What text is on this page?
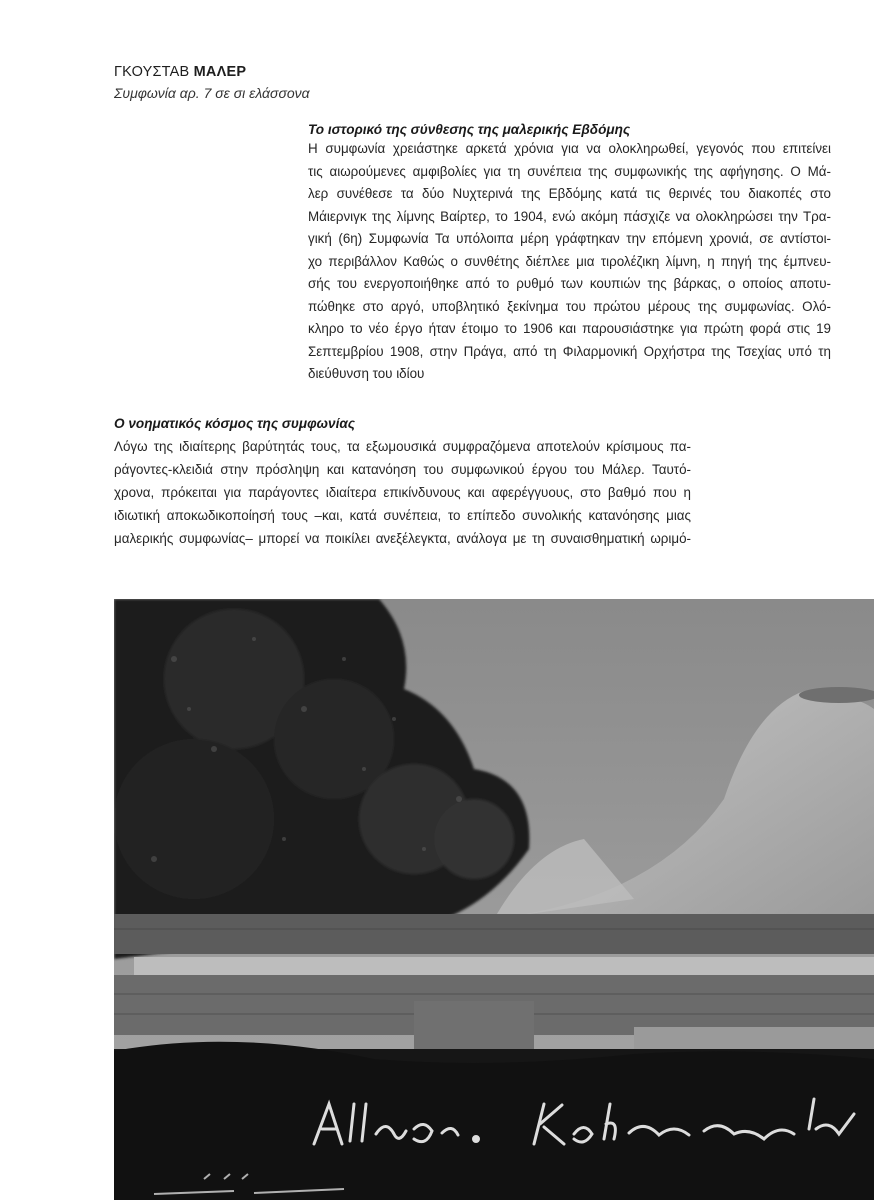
ΓΚΟΥΣΤΑΒ ΜΑΛΕΡ
Συμφωνία αρ. 7 σε σι ελάσσονα
Το ιστορικό της σύνθεσης της μαλερικής Εβδόμης
Η συμφωνία χρειάστηκε αρκετά χρόνια για να ολοκληρωθεί, γεγονός που επιτείνει
τις αιωρούμενες αμφιβολίες για τη συνέπεια της συμφωνικής της αφήγησης. Ο Μά-
λερ συνέθεσε τα δύο Νυχτερινά της Εβδόμης κατά τις θερινές του διακοπές στο
Μάιερνιγκ της λίμνης Βαίρτερ, το 1904, ενώ ακόμη πάσχιζε να ολοκληρώσει την Τρα-
γική (6η) Συμφωνία Τα υπόλοιπα μέρη γράφτηκαν την επόμενη χρονιά, σε αντίστοι-
χο περιβάλλον Καθώς ο συνθέτης διέπλεε μια τιρολέζικη λίμνη, η πηγή της έμπνευ-
σής του ενεργοποιήθηκε από το ρυθμό των κουπιών της βάρκας, ο οποίος αποτυ-
πώθηκε στο αργό, υποβλητικό ξεκίνημα του πρώτου μέρους της συμφωνίας. Ολό-
κληρο το νέο έργο ήταν έτοιμο το 1906 και παρουσιάστηκε για πρώτη φορά στις 19
Σεπτεμβρίου 1908, στην Πράγα, από τη Φιλαρμονική Ορχήστρα της Τσεχίας υπό τη
διεύθυνση του ιδίου
Ο νοηματικός κόσμος της συμφωνίας
Λόγω της ιδιαίτερης βαρύτητάς τους, τα εξωμουσικά συμφραζόμενα αποτελούν κρίσιμους πα-
ράγοντες-κλειδιά στην πρόσληψη και κατανόηση του συμφωνικού έργου του Μάλερ. Ταυτό-
χρονα, πρόκειται για παράγοντες ιδιαίτερα επικίνδυνους και αφερέγγυους, στο βαθμό που η
ιδιωτική αποκωδικοποίησή τους –και, κατά συνέπεια, το επίπεδο συνολικής κατανόησης μιας
μαλερικής συμφωνίας– μπορεί να ποικίλει ανεξέλεγκτα, ανάλογα με τη συναισθηματική ωριμό-
